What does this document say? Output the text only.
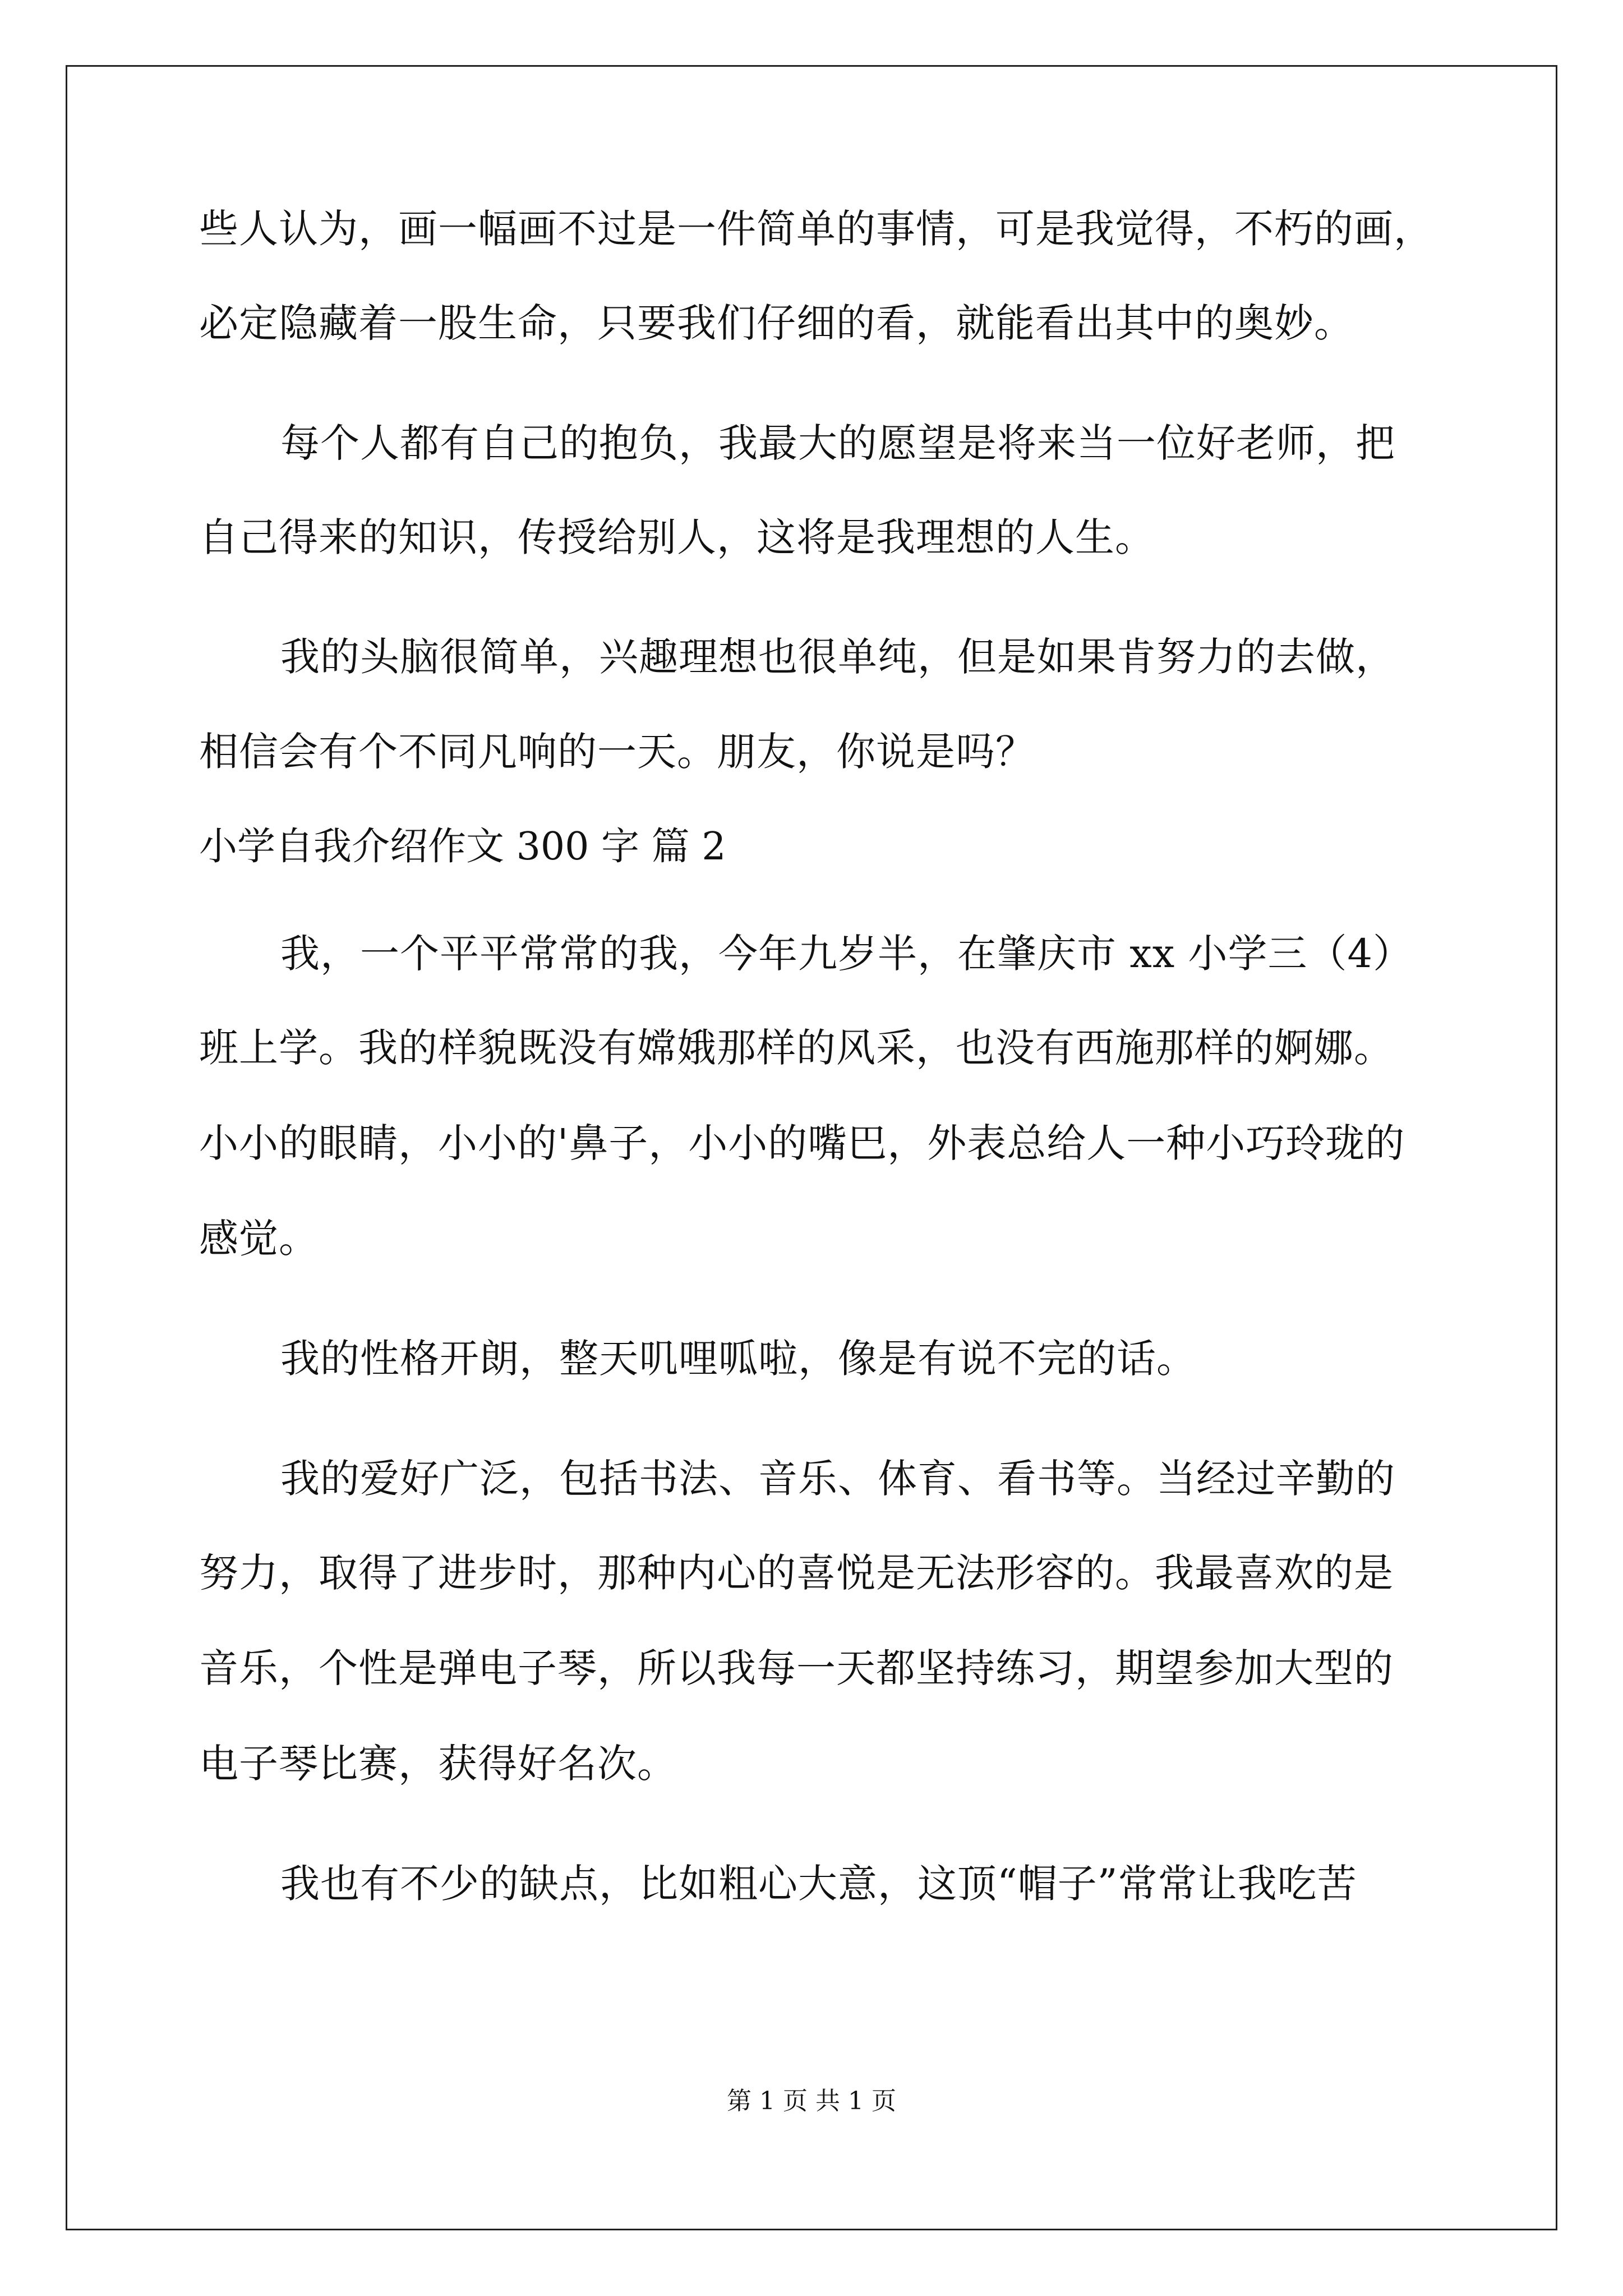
些人认为，画一幅画不过是一件简单的事情，可是我觉得，不朽的画，
必定隐藏着一股生命，只要我们仔细的看，就能看出其中的奥妙。
每个人都有自己的抱负，我最大的愿望是将来当一位好老师，把
自己得来的知识，传授给别人，这将是我理想的人生。
我的头脑很简单，兴趣理想也很单纯，但是如果肯努力的去做，
相信会有个不同凡响的一天。朋友，你说是吗？
小学自我介绍作文 300 字 篇 2
我，一个平平常常的我，今年九岁半，在肇庆市 xx 小学三（4）
班上学。我的样貌既没有嫦娥那样的风采，也没有西施那样的婀娜。
小小的眼睛，小小的'鼻子，小小的嘴巴，外表总给人一种小巧玲珑的
感觉。
我的性格开朗，整天叽哩呱啦，像是有说不完的话。
我的爱好广泛，包括书法、音乐、体育、看书等。当经过辛勤的
努力，取得了进步时，那种内心的喜悦是无法形容的。我最喜欢的是
音乐，个性是弹电子琴，所以我每一天都坚持练习，期望参加大型的
电子琴比赛，获得好名次。
我也有不少的缺点，比如粗心大意，这顶“帽子”常常让我吃苦
第 1 页 共 1 页
